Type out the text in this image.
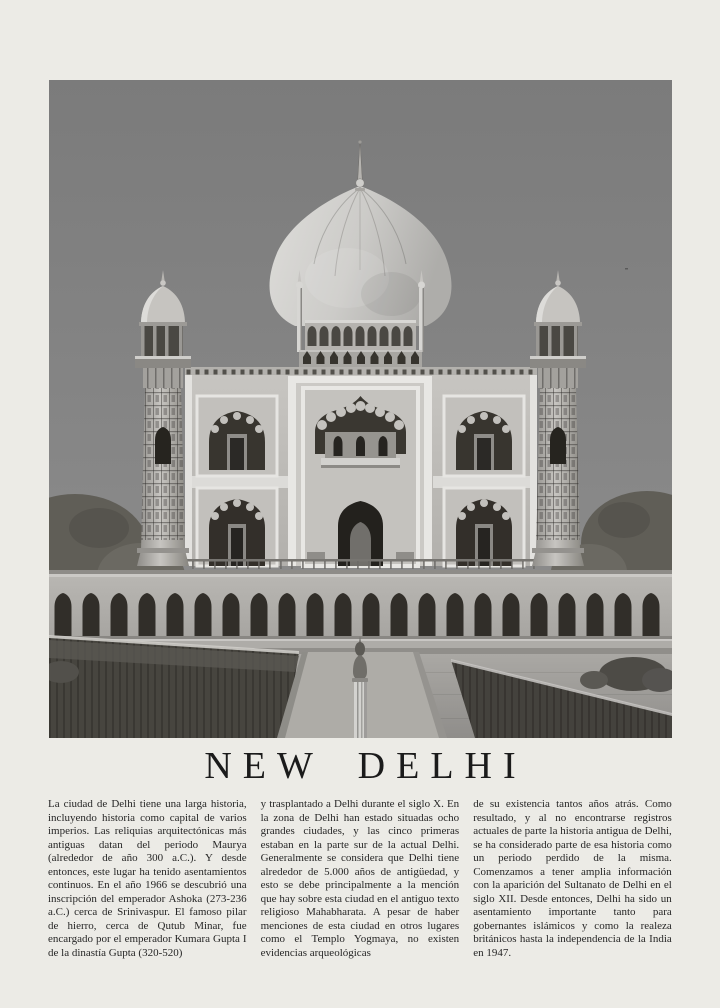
NEW DELHI

La ciudad de Delhi tiene una larga historia, incluyendo historia como capital de varios imperios. Las reliquias arquitectónicas más antiguas datan del periodo Maurya (alrededor de año 300 a.C.). Y desde entonces, este lugar ha tenido asentamientos continuos. En el año 1966 se descubrió una inscripción del emperador Ashoka (273-236 a.C.) cerca de Srinivaspur. El famoso pilar de hierro, cerca de Qutub Minar, fue encargado por el emperador Kumara Gupta I de la dinastía Gupta (320-520)

y trasplantado a Delhi durante el siglo X. En la zona de Delhi han estado situadas ocho grandes ciudades, y las cinco primeras estaban en la parte sur de la actual Delhi. Generalmente se considera que Delhi tiene alrededor de 5.000 años de antigüedad, y esto se debe principalmente a la mención que hay sobre esta ciudad en el antiguo texto religioso Mahabharata. A pesar de haber menciones de esta ciudad en otros lugares como el Templo Yogmaya, no existen evidencias arqueológicas

de su existencia tantos años atrás. Como resultado, y al no encontrarse registros actuales de parte la historia antigua de Delhi, se ha considerado parte de esa historia como un periodo perdido de la misma. Comenzamos a tener amplia información con la aparición del Sultanato de Delhi en el siglo XII. Desde entonces, Delhi ha sido un asentamiento importante tanto para gobernantes islámicos y como la realeza británicos hasta la independencia de la India en 1947.
